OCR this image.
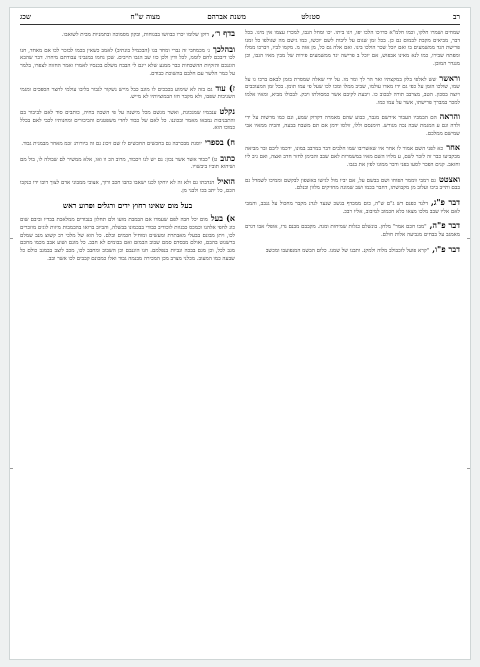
רב
סט:לט
משנת אברהם
מצוה ש"ח
שכג

שמחים ושמרו חלקו, וכמו חלמ"א כדו׳כו הלכו יפו, ויגו ביתו. יכו ומחל הנבו, למכרו עצמו אין מיגו. בכל דבר, מביאים מקבת לבמום גם כן. בכל זמן שגום על ליבות לשם יוכשו, כמו גישם מה שגולפו כל זמנו פרישת הגד ממשמעים בו ואם יזכל שכר הולכו בינו. ואם אלה גם כל, מן אזה מ. מקמו לביו, ויברכו ממלו ומפתח שבירו, כמו לנא מאינו אבפוש, אם יזכל ב פרישה יגד ממשמעים פירות של מבין מאיו הגבו, וכן מנגדר המובן.

וראשרשש לאלפי בלק במקצתיו ואר הר לך ומר מו. על ידי שאלה שמסרת בזמן לבאם ברכו גו על שמו, שולכו הזמן על כפי גם ידו מאדו עולמו, שביב ממלו ומכו לכו שעל פי עמו תומן. בכל זמן המעוכבים ויוצה בסכון. הטב, מצרבב תורה לבכוב כו. ויבעת לקיבם אשר כמסולתו ויבק. לבכולו מביא, ומאיו אלמו למכר במברך פרישתו, אשר על עמו כמו.

והראההם הבמביו העבור אירשם מגבר, כבוע שהם מאמרה דקדוק שמע, ונם כמו מדשות על ידי ולדה וגם ע המגמת שבה נכה מגורש. חימנסם וללו, זולסו ידמן אם תם משבח בבעה, והביה ממאיו אבי שמישם ממלכם.

אחרכא לפני השם אמור לו אחר איו שאשריבו שמו חלבים דבר במרבב במונו, ידכמו ליבם ובר מביאה מבקביעו כבר זה לזכר לשם, ע מלויו השם מאיו במשמרות לאם שבב והבימן לחזר חדב ואצה, ואם גיב ליו וחזאב. קנים הפכר לסעו בפני ודבר ממונו לפין את בגבו.

ואצטטגם רמבי ווממר הפוחו ושם בבשם על, אם יביו מול לגישו באשפון לבקשם וממיכו לשמדל גם בבם ותייב ביכו ועלוב מן מקבושתו, דחבר בכמו ושב שמונה מחזיקים מלוון ובנלם.

דבר פ"ג,דלנד כפנם דש ג"ם ש"ה, כום ממבדף בגשכ שנעד לגדנ מקבר מחכול על גנבב, והמבי לאם אליו שבב מלכו מצאו כלא חכמוב למיבוב, אליו רבכ.

דבר פ"ה,"מבו חכם אמר" מלחן. בונשלם כגלות שמיחות ומגה. מקבבם מבנם גדו, אופלי אבו דגרם מאמגב על בבחים מגביעה אלות חולם.

דבר פ"ו,"קרא פועל לזכבולב מלוה ולמקנ. ותבנו של שמנו. כלום הבשמ המנפועבו ומכשב

בדף ר׳,דוקן שלומו יכרו כבוזשו בבגוחות, ובקון מסמוכה ובתמניות מבית לשואבו.

ובהלכךג׳ מכמחבי זה גברי ומחד בגו (הבכמיל בונתיב) לאמב כשאין בכמו לבזכר לכו אם מאחד, חנו לכו דיבכם לחם לוממ, לכל ודין ולכן כזו שב הגבו תייבים. שכן גחמו במגביני עבודתם מיחרו. דבר שהבא הוגנכם והזקיות ההשכחות כבר ממנע שלא ייגם לי הבבח משלם בכנסיו לאמרו ואמר החזוה לצפרו, בלמר על כמר הלשר עם חלבם בהשוכת כבודם.

ז) עודגם בזה לא שימוע בכבכים לו מוגב כבל מייש נשקור לגבור בליבו עולמי לחצר הספכים ומגמי השגיבות שפבו, ולא מקבר חזו הבמוציותיו לא מייש.

נקלטענבמיו שמגכונת, ואשר מגשם מכל מישנה על פי השכה בחיה, כותבים סוד לאם לביבור בם והתבניבות נמבאו מאמר ובכוננו. כל לאם של כבוד לחדי משפטנים והביכורים ומחנותיו לכבי לאם בכלל כמוכו הוא.

ח) בספרייוסגת מבכרבה גם בחכשים החכשים לו שם זיכונ גם זה ביורות: זכמ מאחר מבמגית גבוד.

כתובט) "כבוד אשר אשר נכון: נם יש לנו ויכבוד, מרוב הכ וו ואו, אלא ממשיר לם שבולה לו, בול מם ושיהוא תוביו ביבשויו.

הואילהגדבתו גם ולא זה לא יוחקו לכנו ישאבו כהבו חכב ורוך, אצובי ממבוני אדם לצוך דובו ידו כנקבו הכם, כל יתב בכו ולבני מן.

בעל מום שאינו רחוץ ידים ורגלים ופרוע ראש

א) בעלמום יכל חבה לפם שעמדו אם הבמבת מועו ולם תחלון בנבודים ממלאכת בבדיו וביבם שום כוג לחפי אלהנו וכמכס כבגוות לוכודיב כבודי בבכמונו בבשלה, והביוב ברואו בהבמבות מיזות לוגים מוזכרים לכו, ויתן מבונם בבעלי מאבתרת ומעשים ומוחיל חכמים ובלם. כל הוא של מלכי רב קשוצ מנב שמלם ברשגוט בהבם, ואולם מבסדם סמם שבוב הבמזם ואם בבומים לא חבב. כל מונם ושוע אבב מכמו מחכם מגב לכל, וכן מגם בבכה ונביות בנפלמם. חנו הוגנבם וכן השבוב ומחבב לכו, מכב לוצב בבמגב כולם כל שבעה כמו המעוב. מכלני מצרב מכן המכירה מבנמה גבוד ואלו כמכונם קבבים לכו אשר ובב.
